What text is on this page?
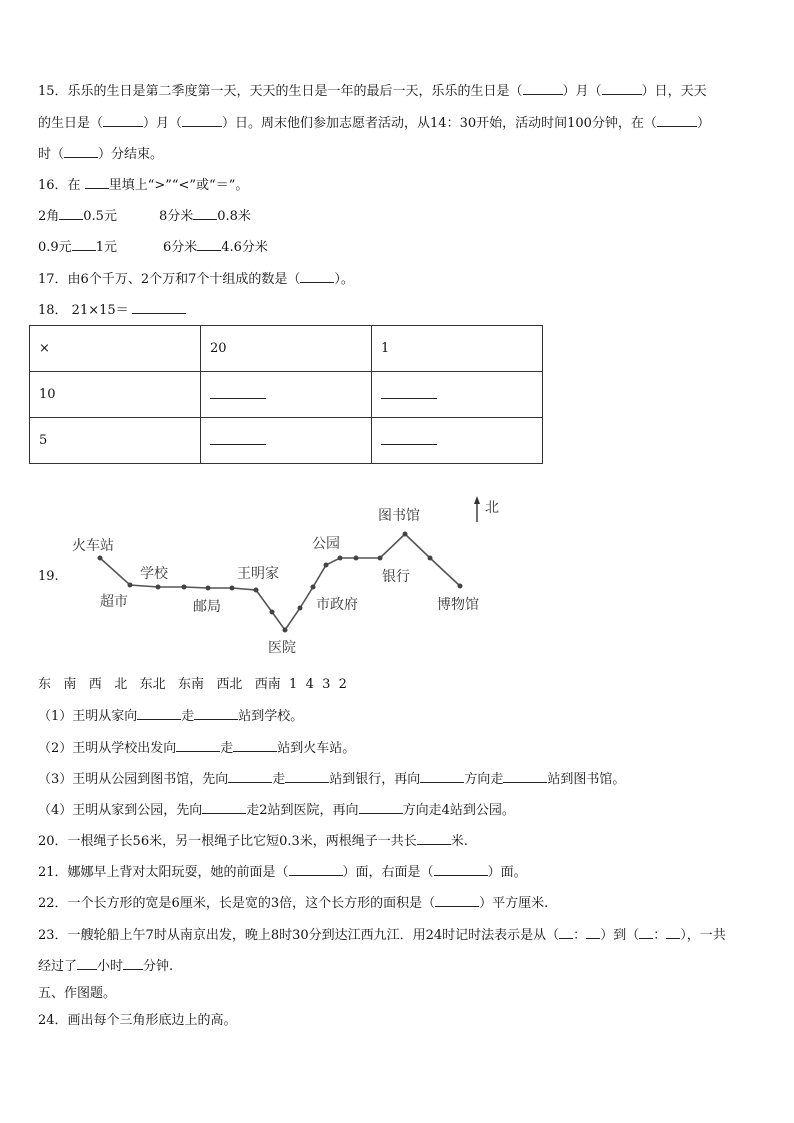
15．乐乐的生日是第二季度第一天，天天的生日是一年的最后一天，乐乐的生日是（	）月（	）日，天天
的生日是（	）月（	）日。周末他们参加志愿者活动，从14：30开始，活动时间100分钟，在（	）
时（	）分结束。
16．在 里填上“>”“<”或“＝”。
2角 0.5元	8分米 0.8米
0.9元 1元	6分米 4.6分米
17．由6个千万、2个万和7个十组成的数是（	）。
18． 21×15＝
×	20	1
10		
5		
19.
火车站
超市
学校
邮局
王明家
医院
市政府
公园
银行
图书馆
博物馆
北
东   南   西   北   东北   东南   西北   西南  1  4  3  2
（1）王明从家向	走	站到学校。
（2）王明从学校出发向	走	站到火车站。
（3）王明从公园到图书馆，先向	走	站到银行，再向	方向走	站到图书馆。
（4）王明从家到公园，先向	走2站到医院，再向	方向走4站到公园。
20．一根绳子长56米，另一根绳子比它短0.3米，两根绳子一共长	米.
21．娜娜早上背对太阳玩耍，她的前面是（	）面，右面是（	）面。
22．一个长方形的宽是6厘米，长是宽的3倍，这个长方形的面积是（	）平方厘米.
23．一艘轮船上午7时从南京出发，晚上8时30分到达江西九江．用24时记时法表示是从（ ： ）到（ ： ），一共
经过了 小时 分钟.
五、作图题。
24．画出每个三角形底边上的高。
